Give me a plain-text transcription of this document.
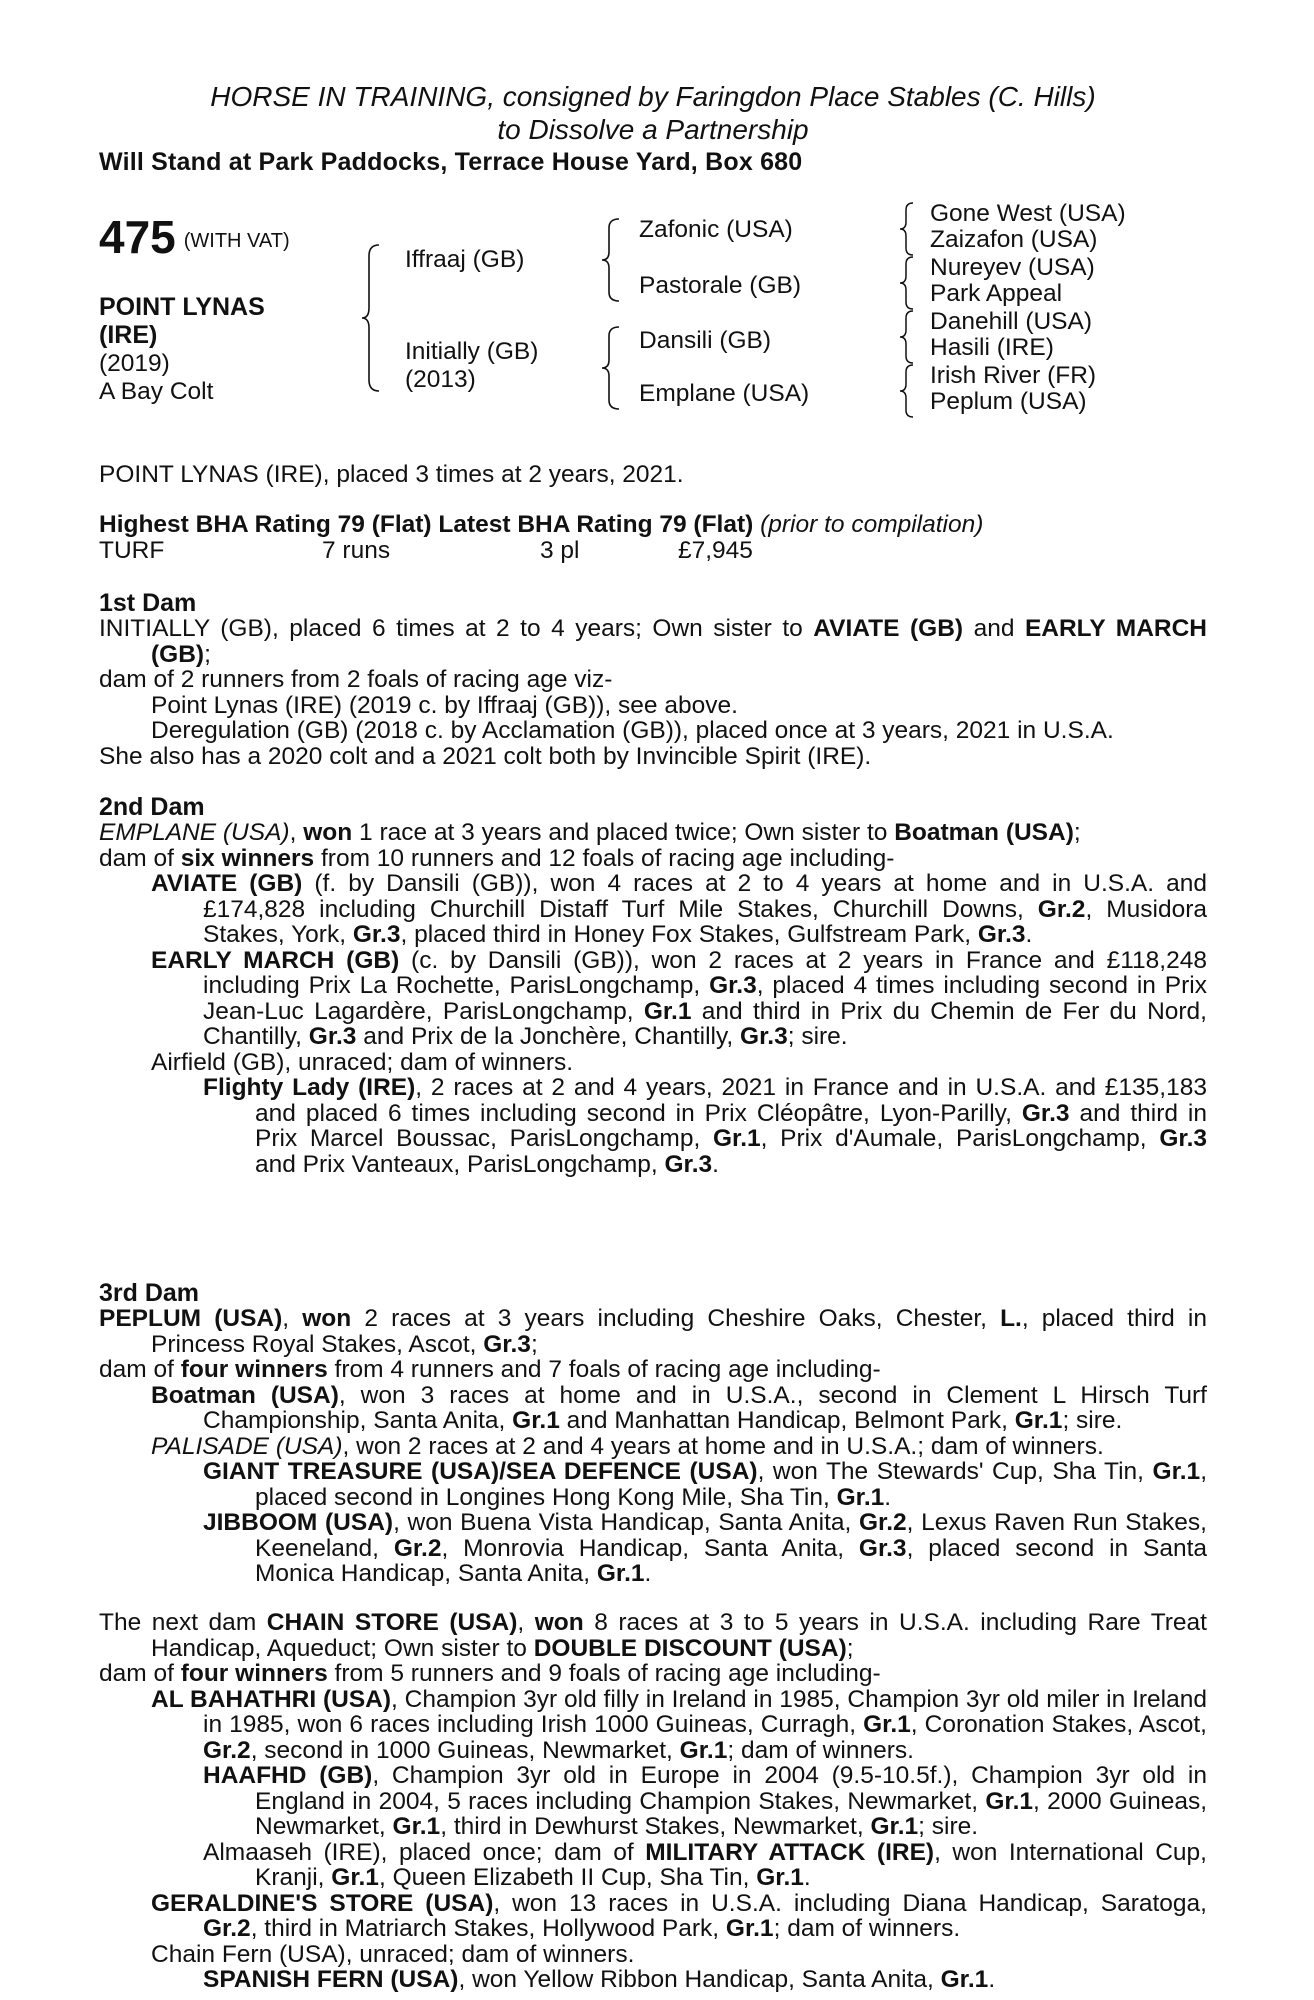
HORSE IN TRAINING, consigned by Faringdon Place Stables (C. Hills)
to Dissolve a Partnership
Will Stand at Park Paddocks, Terrace House Yard, Box 680
475 $^{(WITH VAT)}$
POINT LYNAS
(IRE)
(2019)
A Bay Colt
Iffraaj (GB)
Initially (GB)
(2013)
Zafonic (USA)
Pastorale (GB)
Dansili (GB)
Emplane (USA)
Gone West (USA)
Zaizafon (USA)
Nureyev (USA)
Park Appeal
Danehill (USA)
Hasili (IRE)
Irish River (FR)
Peplum (USA)

POINT LYNAS (IRE), placed 3 times at 2 years, 2021.

Highest BHA Rating 79 (Flat) Latest BHA Rating 79 (Flat) (prior to compilation)

TURF	7 runs	3 pl	£7,945

1st Dam

INITIALLY (GB), placed 6 times at 2 to 4 years; Own sister to AVIATE (GB) and EARLY MARCH (GB);

dam of 2 runners from 2 foals of racing age viz-

Point Lynas (IRE) (2019 c. by Iffraaj (GB)), see above.

Deregulation (GB) (2018 c. by Acclamation (GB)), placed once at 3 years, 2021 in U.S.A.

She also has a 2020 colt and a 2021 colt both by Invincible Spirit (IRE).

2nd Dam

EMPLANE (USA), won 1 race at 3 years and placed twice; Own sister to Boatman (USA);

dam of six winners from 10 runners and 12 foals of racing age including-

AVIATE (GB) (f. by Dansili (GB)), won 4 races at 2 to 4 years at home and in U.S.A. and £174,828 including Churchill Distaff Turf Mile Stakes, Churchill Downs, Gr.2, Musidora Stakes, York, Gr.3, placed third in Honey Fox Stakes, Gulfstream Park, Gr.3.

EARLY MARCH (GB) (c. by Dansili (GB)), won 2 races at 2 years in France and £118,248 including Prix La Rochette, ParisLongchamp, Gr.3, placed 4 times including second in Prix Jean-Luc Lagardère, ParisLongchamp, Gr.1 and third in Prix du Chemin de Fer du Nord, Chantilly, Gr.3 and Prix de la Jonchère, Chantilly, Gr.3; sire.

Airfield (GB), unraced; dam of winners.

Flighty Lady (IRE), 2 races at 2 and 4 years, 2021 in France and in U.S.A. and £135,183 and placed 6 times including second in Prix Cléopâtre, Lyon-Parilly, Gr.3 and third in Prix Marcel Boussac, ParisLongchamp, Gr.1, Prix d'Aumale, ParisLongchamp, Gr.3 and Prix Vanteaux, ParisLongchamp, Gr.3.

3rd Dam

PEPLUM (USA), won 2 races at 3 years including Cheshire Oaks, Chester, L., placed third in Princess Royal Stakes, Ascot, Gr.3;

dam of four winners from 4 runners and 7 foals of racing age including-

Boatman (USA), won 3 races at home and in U.S.A., second in Clement L Hirsch Turf Championship, Santa Anita, Gr.1 and Manhattan Handicap, Belmont Park, Gr.1; sire.

PALISADE (USA), won 2 races at 2 and 4 years at home and in U.S.A.; dam of winners.

GIANT TREASURE (USA)/SEA DEFENCE (USA), won The Stewards' Cup, Sha Tin, Gr.1, placed second in Longines Hong Kong Mile, Sha Tin, Gr.1.

JIBBOOM (USA), won Buena Vista Handicap, Santa Anita, Gr.2, Lexus Raven Run Stakes, Keeneland, Gr.2, Monrovia Handicap, Santa Anita, Gr.3, placed second in Santa Monica Handicap, Santa Anita, Gr.1.

The next dam CHAIN STORE (USA), won 8 races at 3 to 5 years in U.S.A. including Rare Treat Handicap, Aqueduct; Own sister to DOUBLE DISCOUNT (USA);

dam of four winners from 5 runners and 9 foals of racing age including-

AL BAHATHRI (USA), Champion 3yr old filly in Ireland in 1985, Champion 3yr old miler in Ireland in 1985, won 6 races including Irish 1000 Guineas, Curragh, Gr.1, Coronation Stakes, Ascot, Gr.2, second in 1000 Guineas, Newmarket, Gr.1; dam of winners.

HAAFHD (GB), Champion 3yr old in Europe in 2004 (9.5-10.5f.), Champion 3yr old in England in 2004, 5 races including Champion Stakes, Newmarket, Gr.1, 2000 Guineas, Newmarket, Gr.1, third in Dewhurst Stakes, Newmarket, Gr.1; sire.

Almaaseh (IRE), placed once; dam of MILITARY ATTACK (IRE), won International Cup, Kranji, Gr.1, Queen Elizabeth II Cup, Sha Tin, Gr.1.

GERALDINE'S STORE (USA), won 13 races in U.S.A. including Diana Handicap, Saratoga, Gr.2, third in Matriarch Stakes, Hollywood Park, Gr.1; dam of winners.

Chain Fern (USA), unraced; dam of winners.

SPANISH FERN (USA), won Yellow Ribbon Handicap, Santa Anita, Gr.1.
